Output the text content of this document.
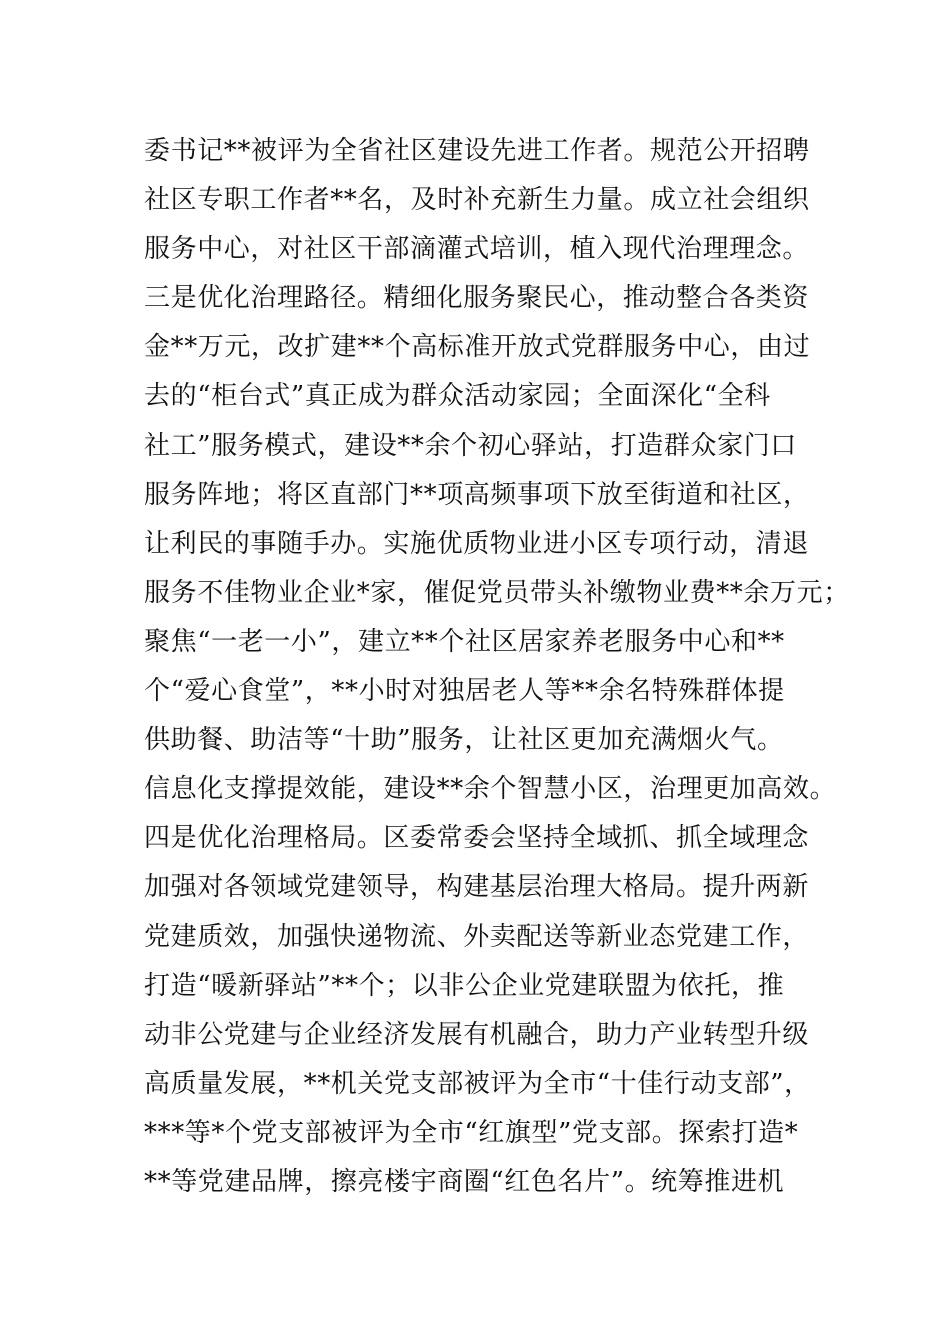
委书记**被评为全省社区建设先进工作者。规范公开招聘
社区专职工作者**名，及时补充新生力量。成立社会组织
服务中心，对社区干部滴灌式培训，植入现代治理理念。
三是优化治理路径。精细化服务聚民心，推动整合各类资
金**万元，改扩建**个高标准开放式党群服务中心，由过
去的“柜台式”真正成为群众活动家园；全面深化“全科
社工”服务模式，建设**余个初心驿站，打造群众家门口
服务阵地；将区直部门**项高频事项下放至街道和社区，
让利民的事随手办。实施优质物业进小区专项行动，清退
服务不佳物业企业*家，催促党员带头补缴物业费**余万元；
聚焦“一老一小”，建立**个社区居家养老服务中心和**
个“爱心食堂”，**小时对独居老人等**余名特殊群体提
供助餐、助洁等“十助”服务，让社区更加充满烟火气。
信息化支撑提效能，建设**余个智慧小区，治理更加高效。
四是优化治理格局。区委常委会坚持全域抓、抓全域理念
加强对各领域党建领导，构建基层治理大格局。提升两新
党建质效，加强快递物流、外卖配送等新业态党建工作，
打造“暖新驿站”**个；以非公企业党建联盟为依托，推
动非公党建与企业经济发展有机融合，助力产业转型升级
高质量发展，**机关党支部被评为全市“十佳行动支部”，
***等*个党支部被评为全市“红旗型”党支部。探索打造*
**等党建品牌，擦亮楼宇商圈“红色名片”。统筹推进机
